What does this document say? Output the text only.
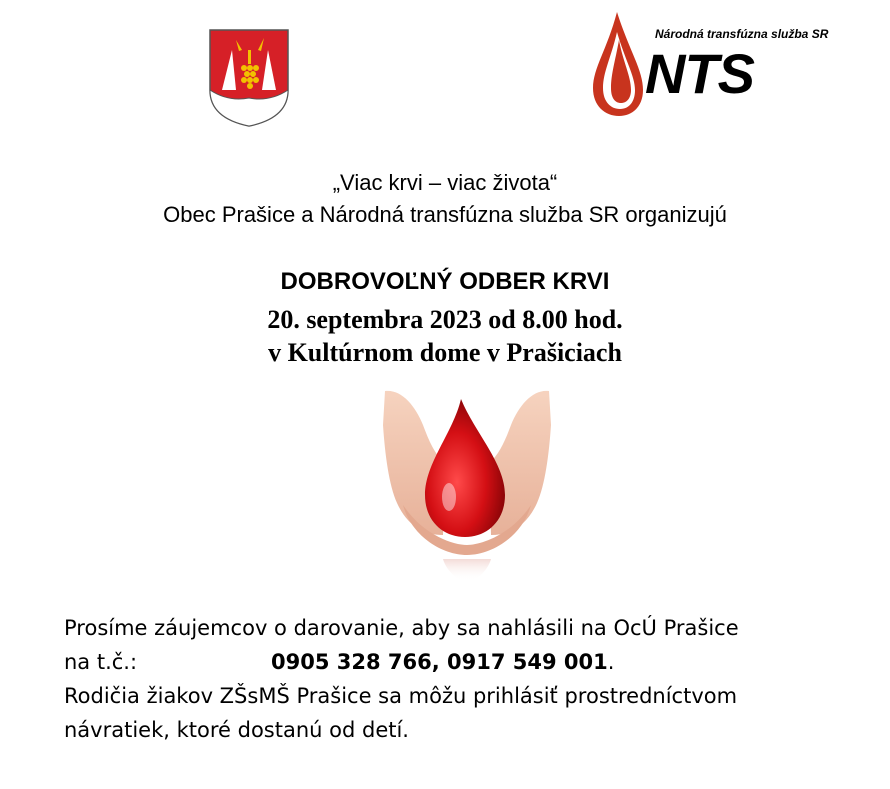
Národná transfúzna služba SR
NTS
„Viac krvi – viac života“
Obec Prašice a Národná transfúzna služba SR organizujú
DOBROVOĽNÝ ODBER KRVI
20. septembra 2023 od 8.00 hod.
v Kultúrnom dome v Prašiciach
Prosíme záujemcov o darovanie, aby sa nahlásili na OcÚ Prašice
na t.č.:	0905 328 766, 0917 549 001.
Rodičia žiakov ZŠsMŠ Prašice sa môžu prihlásiť prostredníctvom
návratiek, ktoré dostanú od detí.
